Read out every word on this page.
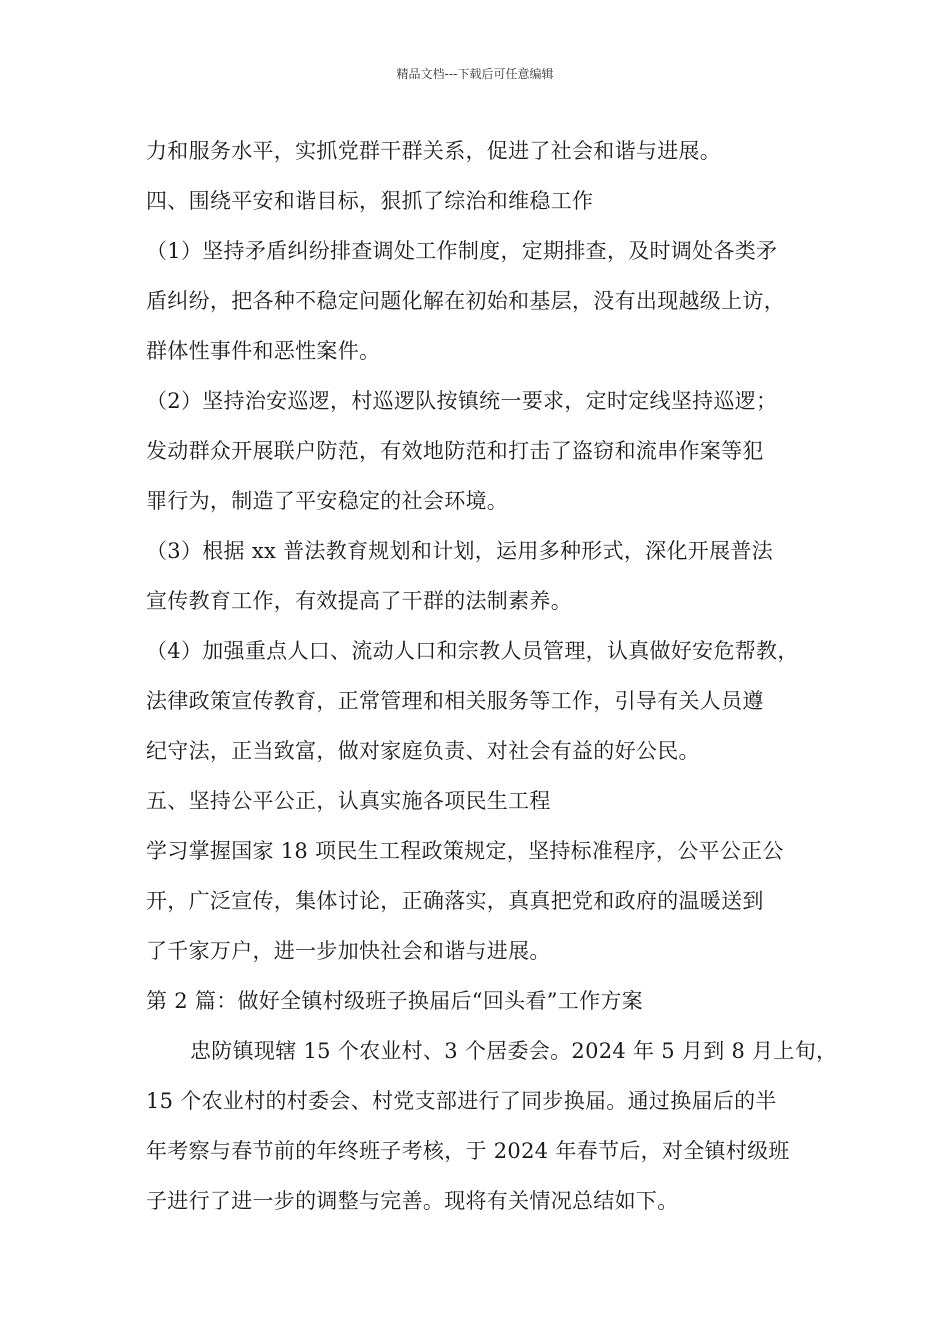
精品文档---下载后可任意编辑
力和服务水平，实抓党群干群关系，促进了社会和谐与进展。
四、围绕平安和谐目标，狠抓了综治和维稳工作
（1）坚持矛盾纠纷排查调处工作制度，定期排查，及时调处各类矛
盾纠纷，把各种不稳定问题化解在初始和基层，没有出现越级上访，
群体性事件和恶性案件。
（2）坚持治安巡逻，村巡逻队按镇统一要求，定时定线坚持巡逻；
发动群众开展联户防范，有效地防范和打击了盗窃和流串作案等犯
罪行为，制造了平安稳定的社会环境。
（3）根据 xx 普法教育规划和计划，运用多种形式，深化开展普法
宣传教育工作，有效提高了干群的法制素养。
（4）加强重点人口、流动人口和宗教人员管理，认真做好安危帮教，
法律政策宣传教育，正常管理和相关服务等工作，引导有关人员遵
纪守法，正当致富，做对家庭负责、对社会有益的好公民。
五、坚持公平公正，认真实施各项民生工程
学习掌握国家 18 项民生工程政策规定，坚持标准程序，公平公正公
开，广泛宣传，集体讨论，正确落实，真真把党和政府的温暖送到
了千家万户，进一步加快社会和谐与进展。
第 2 篇：做好全镇村级班子换届后“回头看”工作方案
忠防镇现辖 15 个农业村、3 个居委会。2024 年 5 月到 8 月上旬，
15 个农业村的村委会、村党支部进行了同步换届。通过换届后的半
年考察与春节前的年终班子考核，于 2024 年春节后，对全镇村级班
子进行了进一步的调整与完善。现将有关情况总结如下。
